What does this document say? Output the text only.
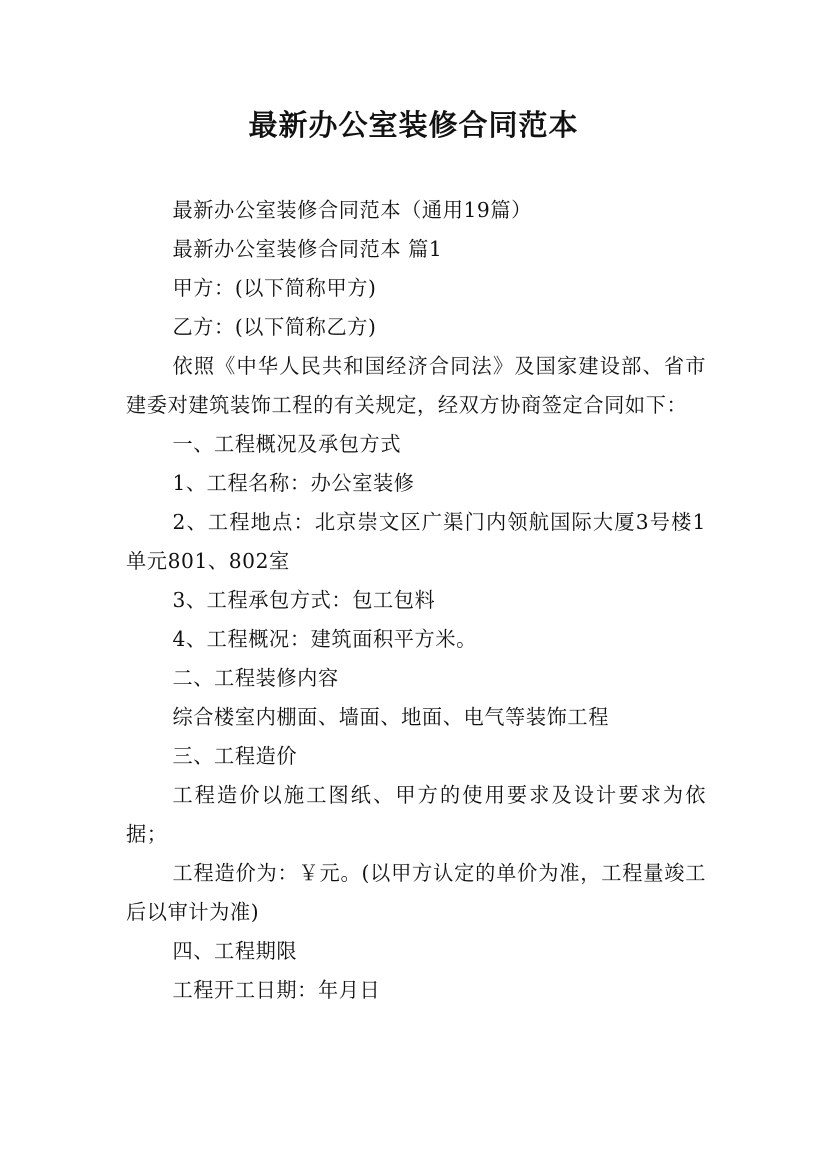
最新办公室装修合同范本

最新办公室装修合同范本（通用19篇）

最新办公室装修合同范本 篇1

甲方：(以下简称甲方)

乙方：(以下简称乙方)

依照《中华人民共和国经济合同法》及国家建设部、省市建委对建筑装饰工程的有关规定，经双方协商签定合同如下：

一、工程概况及承包方式

1、工程名称：办公室装修

2、工程地点：北京崇文区广渠门内领航国际大厦3号楼1单元801、802室

3、工程承包方式：包工包料

4、工程概况：建筑面积平方米。

二、工程装修内容

综合楼室内棚面、墙面、地面、电气等装饰工程

三、工程造价

工程造价以施工图纸、甲方的使用要求及设计要求为依据；

工程造价为：￥元。(以甲方认定的单价为准，工程量竣工后以审计为准)

四、工程期限

工程开工日期：年月日
